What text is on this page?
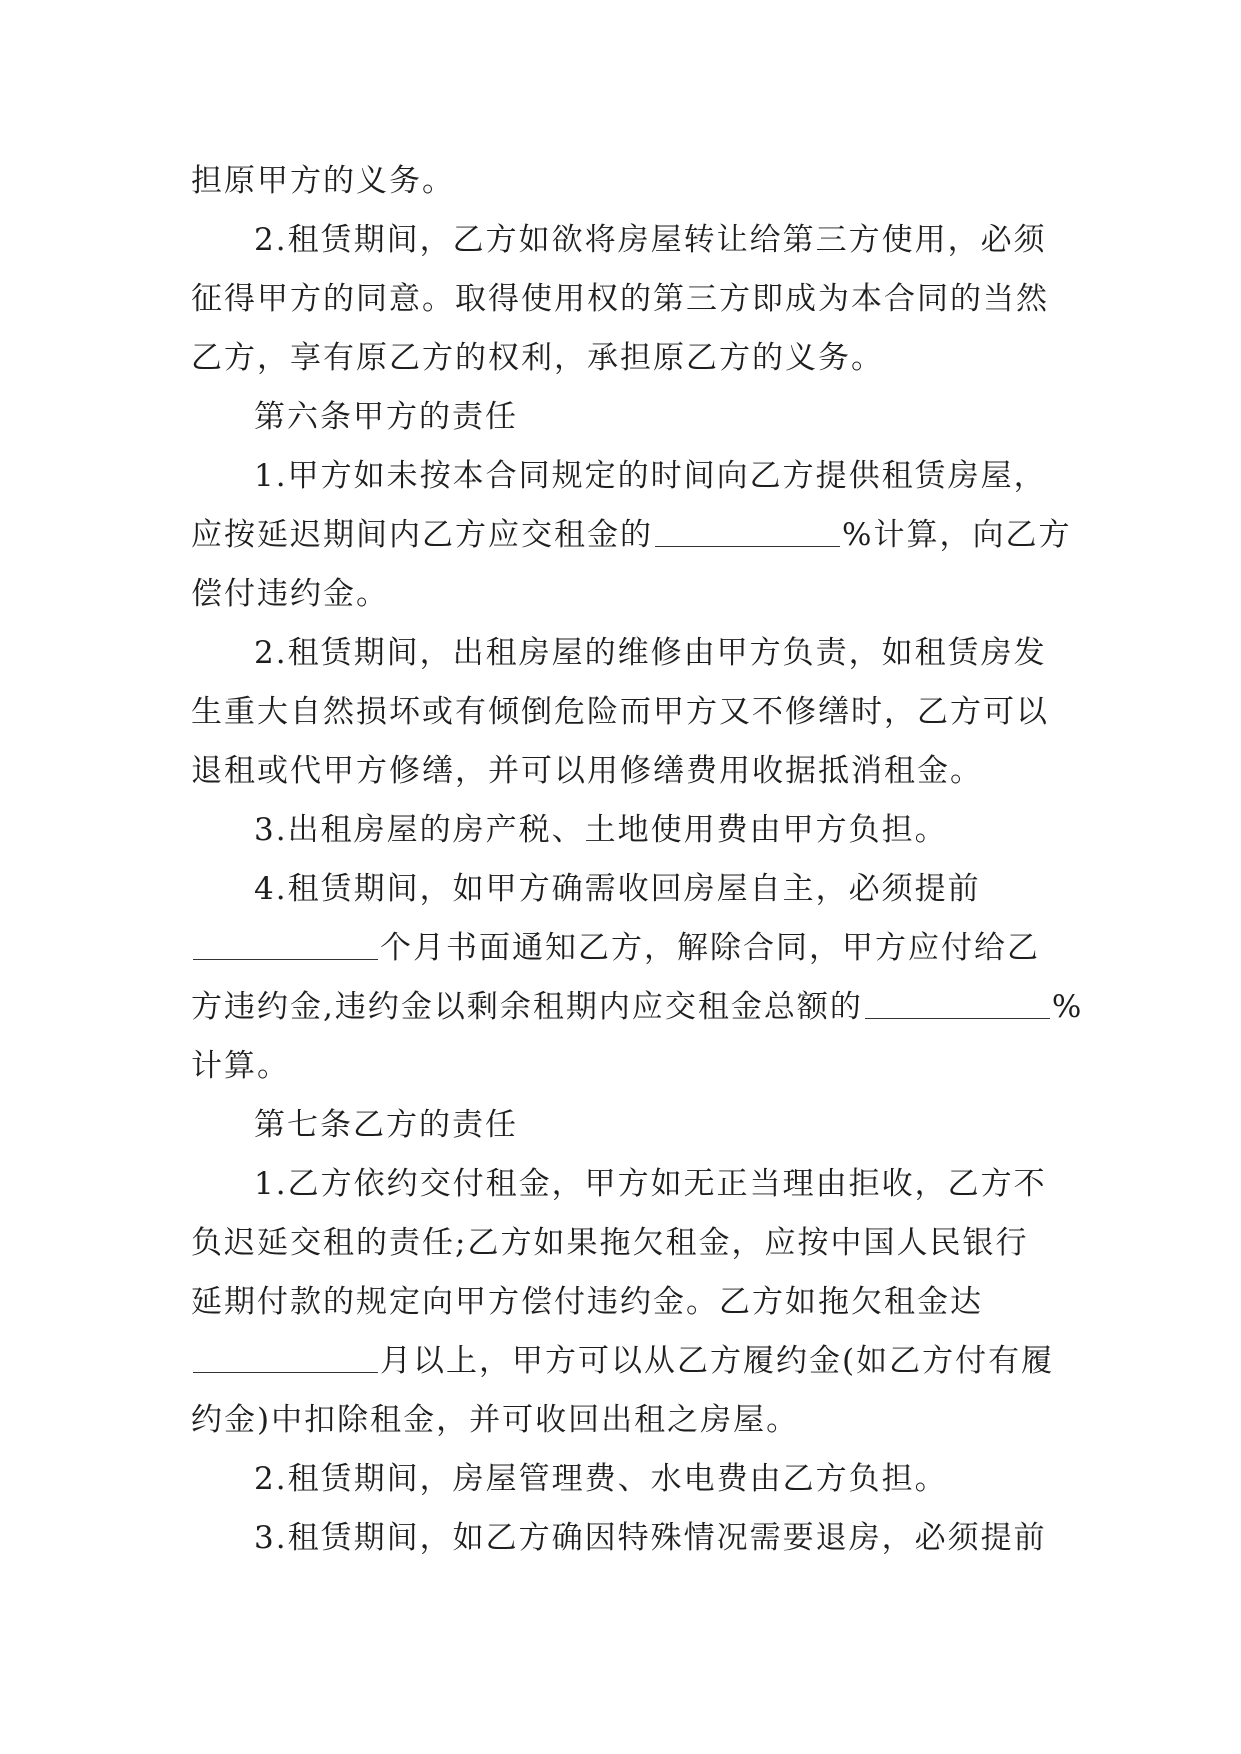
担原甲方的义务。
2.租赁期间，乙方如欲将房屋转让给第三方使用，必须
征得甲方的同意。取得使用权的第三方即成为本合同的当然
乙方，享有原乙方的权利，承担原乙方的义务。
第六条甲方的责任
1.甲方如未按本合同规定的时间向乙方提供租赁房屋，
应按延迟期间内乙方应交租金的	%计算，向乙方
偿付违约金。
2.租赁期间，出租房屋的维修由甲方负责，如租赁房发
生重大自然损坏或有倾倒危险而甲方又不修缮时，乙方可以
退租或代甲方修缮，并可以用修缮费用收据抵消租金。
3.出租房屋的房产税、土地使用费由甲方负担。
4.租赁期间，如甲方确需收回房屋自主，必须提前
个月书面通知乙方，解除合同，甲方应付给乙
方违约金,违约金以剩余租期内应交租金总额的	%
计算。
第七条乙方的责任
1.乙方依约交付租金，甲方如无正当理由拒收，乙方不
负迟延交租的责任;乙方如果拖欠租金，应按中国人民银行
延期付款的规定向甲方偿付违约金。乙方如拖欠租金达
月以上，甲方可以从乙方履约金(如乙方付有履
约金)中扣除租金，并可收回出租之房屋。
2.租赁期间，房屋管理费、水电费由乙方负担。
3.租赁期间，如乙方确因特殊情况需要退房，必须提前
